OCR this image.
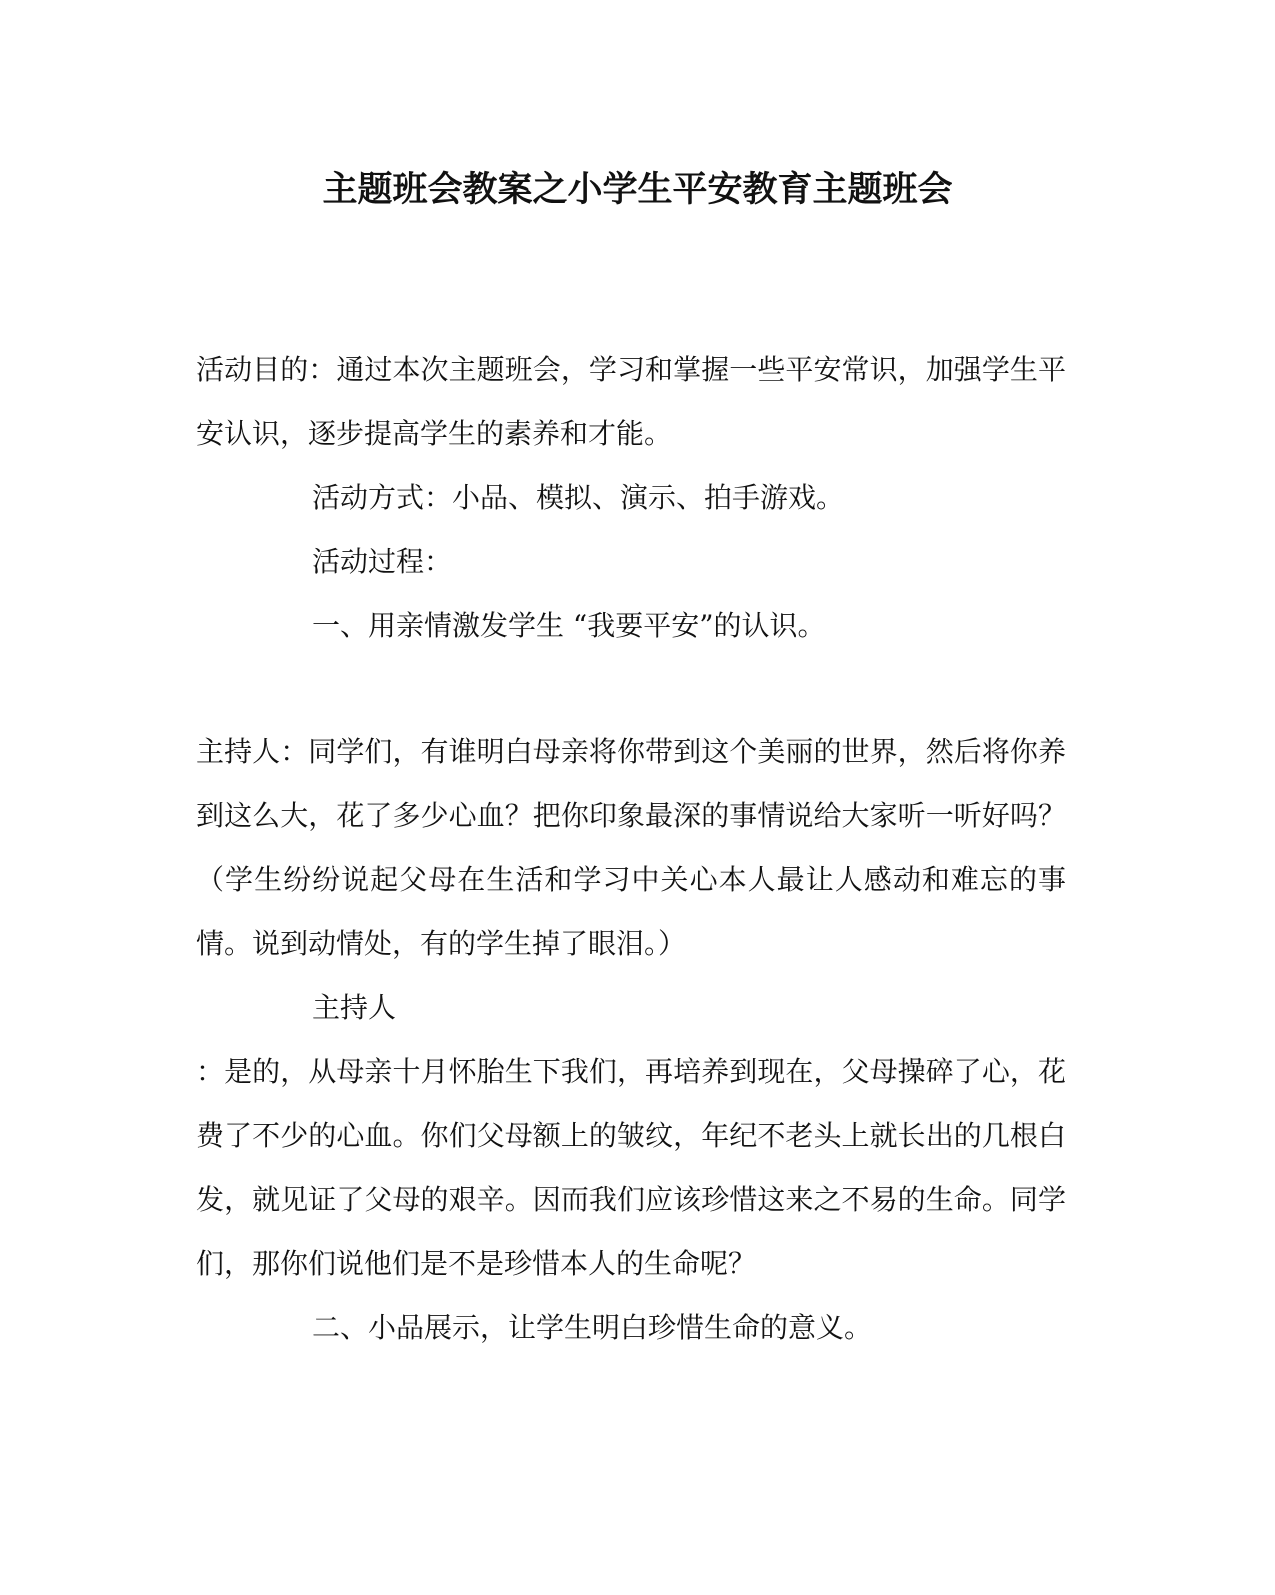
主题班会教案之小学生平安教育主题班会

活动目的：通过本次主题班会，学习和掌握一些平安常识，加强学生平安认识，逐步提高学生的素养和才能。

活动方式：小品、模拟、演示、拍手游戏。

活动过程：

一、用亲情激发学生 “我要平安”的认识。

主持人：同学们，有谁明白母亲将你带到这个美丽的世界，然后将你养到这么大，花了多少心血？把你印象最深的事情说给大家听一听好吗？（学生纷纷说起父母在生活和学习中关心本人最让人感动和难忘的事情。说到动情处，有的学生掉了眼泪。）

主持人

：是的，从母亲十月怀胎生下我们，再培养到现在，父母操碎了心，花费了不少的心血。你们父母额上的皱纹，年纪不老头上就长出的几根白发，就见证了父母的艰辛。因而我们应该珍惜这来之不易的生命。同学们，那你们说他们是不是珍惜本人的生命呢？

二、小品展示，让学生明白珍惜生命的意义。
